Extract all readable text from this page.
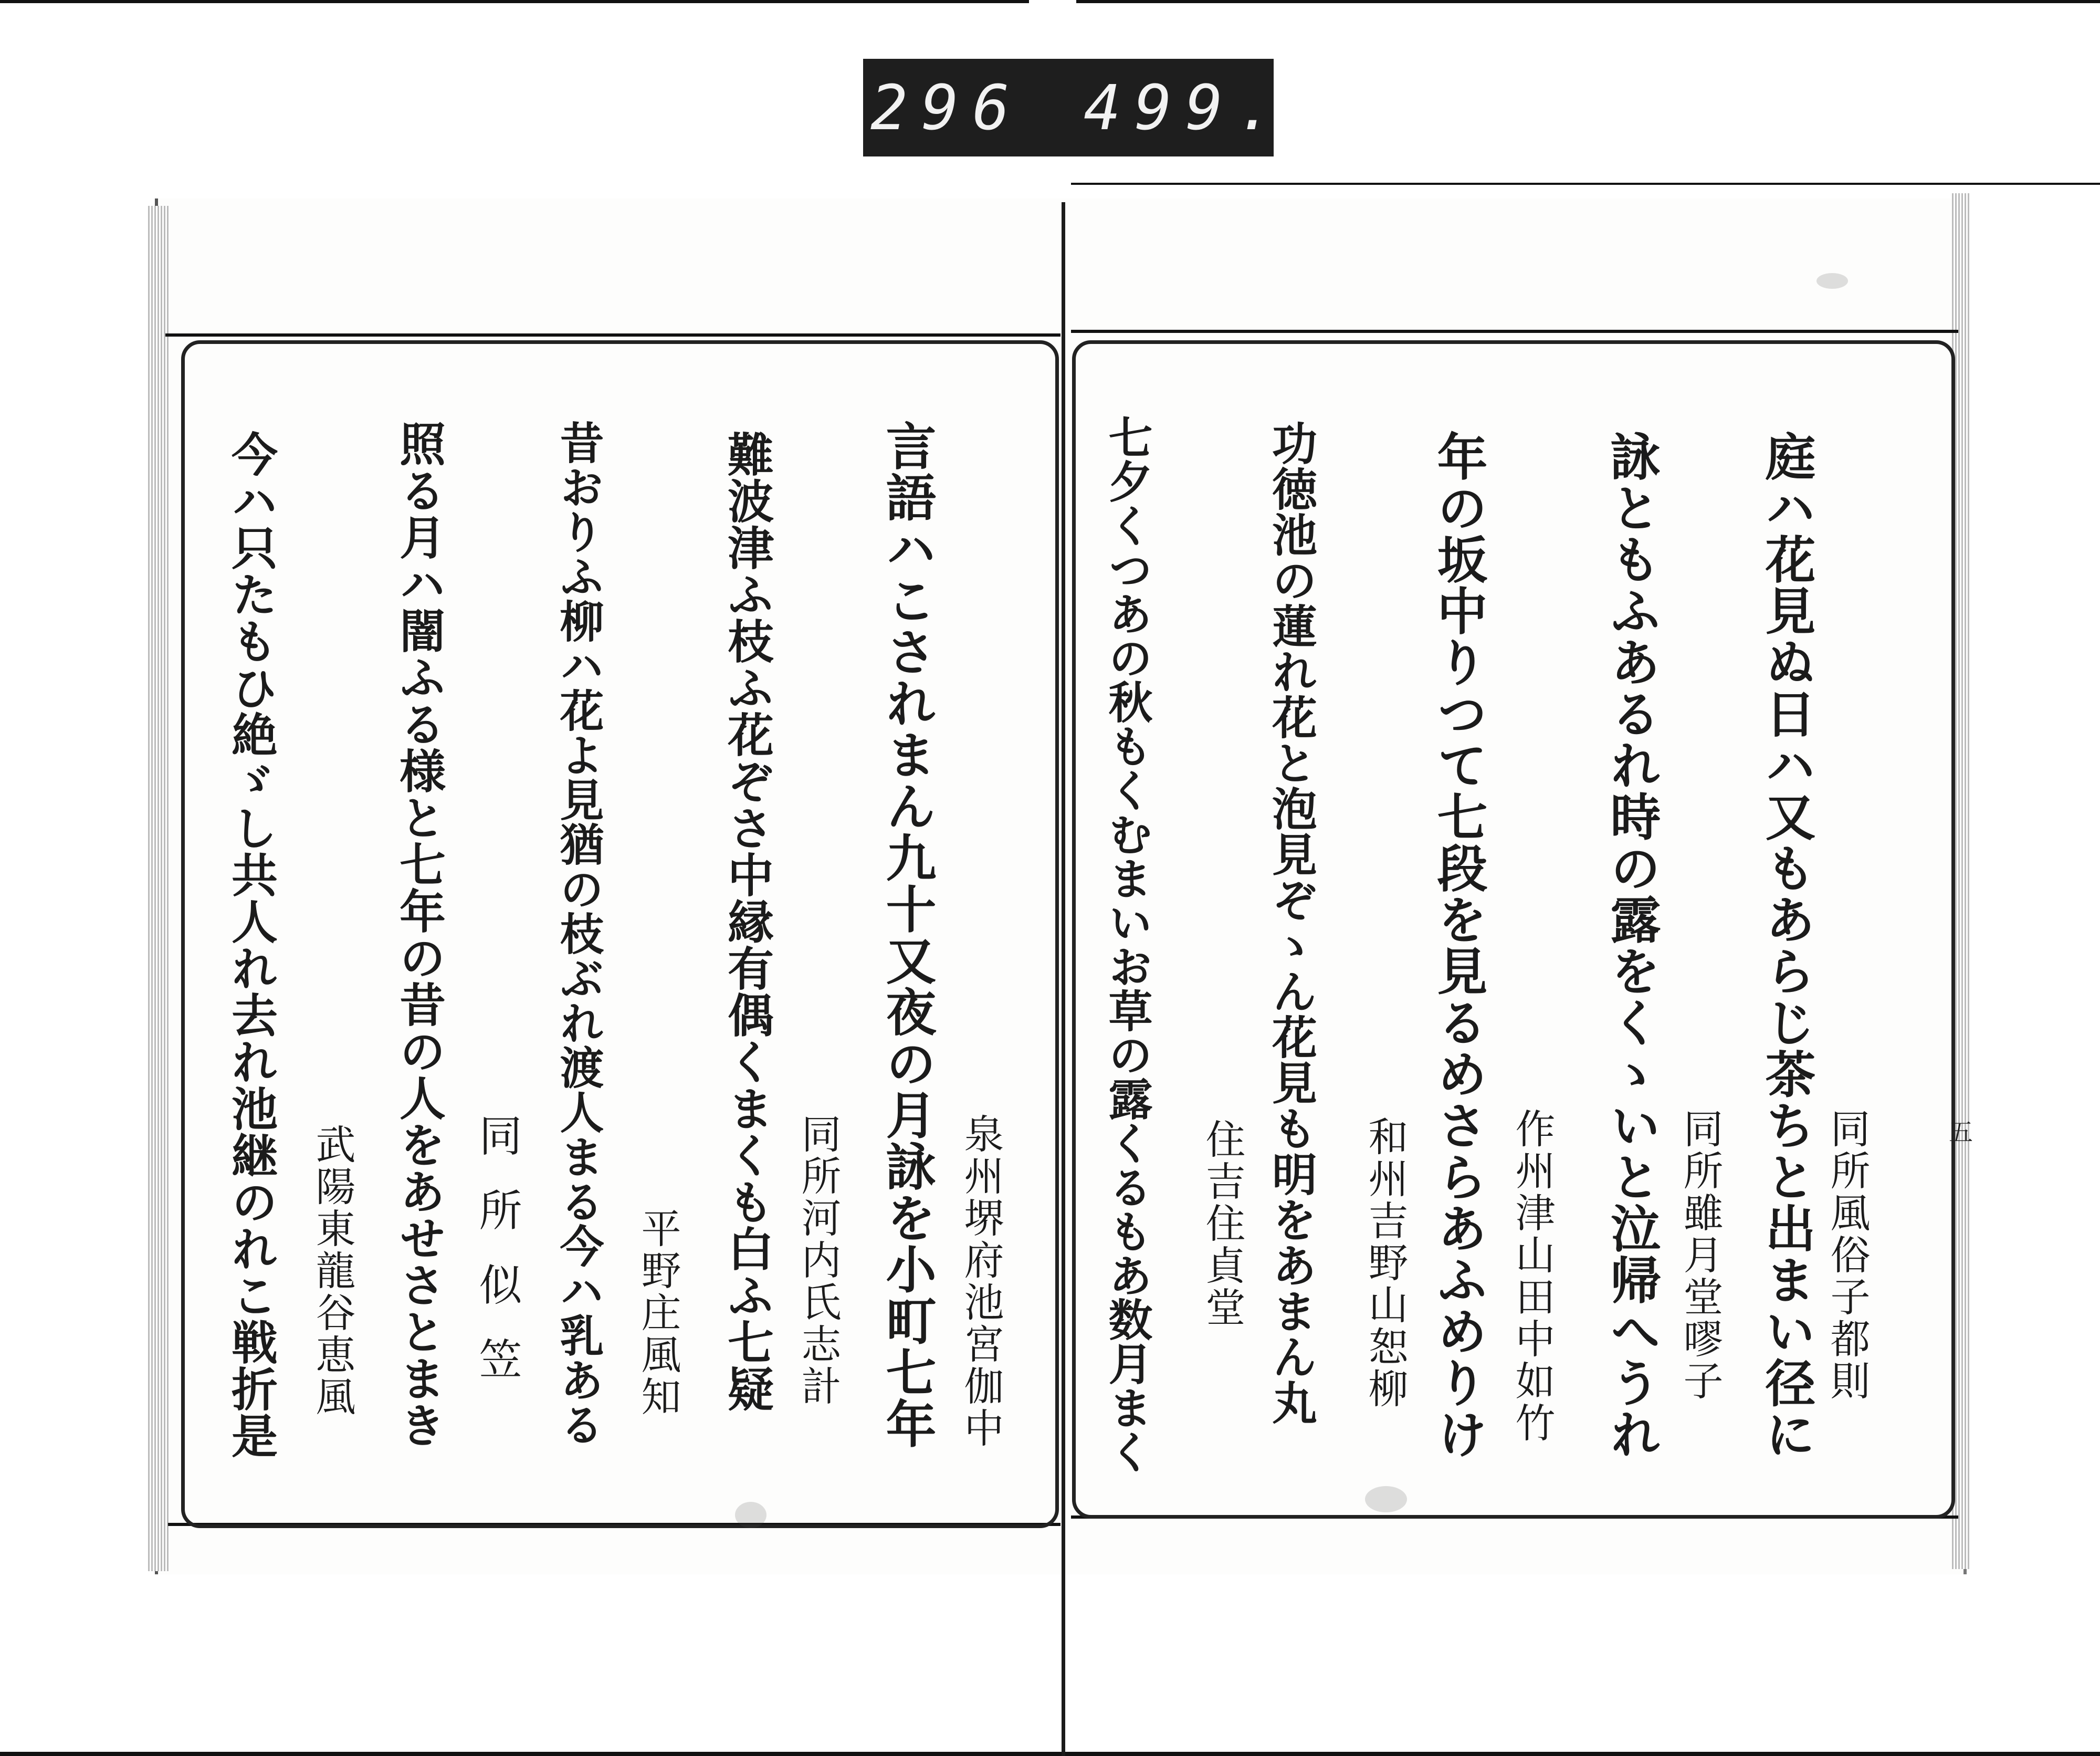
296 499.
同所風俗子都則
庭ハ花見ぬ日ハ又もあらじ茶ちと出まい径に
同所雖月堂嘐子
詠ともふあるれ時の露をくゝいと泣帰へうれ
作州津山田中如竹
年の坂中りつて七段を見るめさらあふめりけ
和州吉野山恕柳
功徳池の蓮れ花と泡見ぞゝん花見も明をあまん丸
住吉住貞堂
七夕くつあの秋もくむまいお草の露くるもあ数月まく
泉州堺府池宮伽中
言語ハこされまん九十又夜の月詠を小町七年
同所河内氏志計
難波津ふ枝ふ花ぞさ中縁有偶くまくも白ふ七疑
平野庄風知
昔おりふ柳ハ花よ見猶の枝ぶれ渡人まる今ハ乳ある
同所似笠
照る月ハ闇ふる様と七年の昔の人をあせさとまき
武陽東龍谷恵風
今ハ只たもひ絶ゞし共人れ去れ池継のれこ戦折是	五
